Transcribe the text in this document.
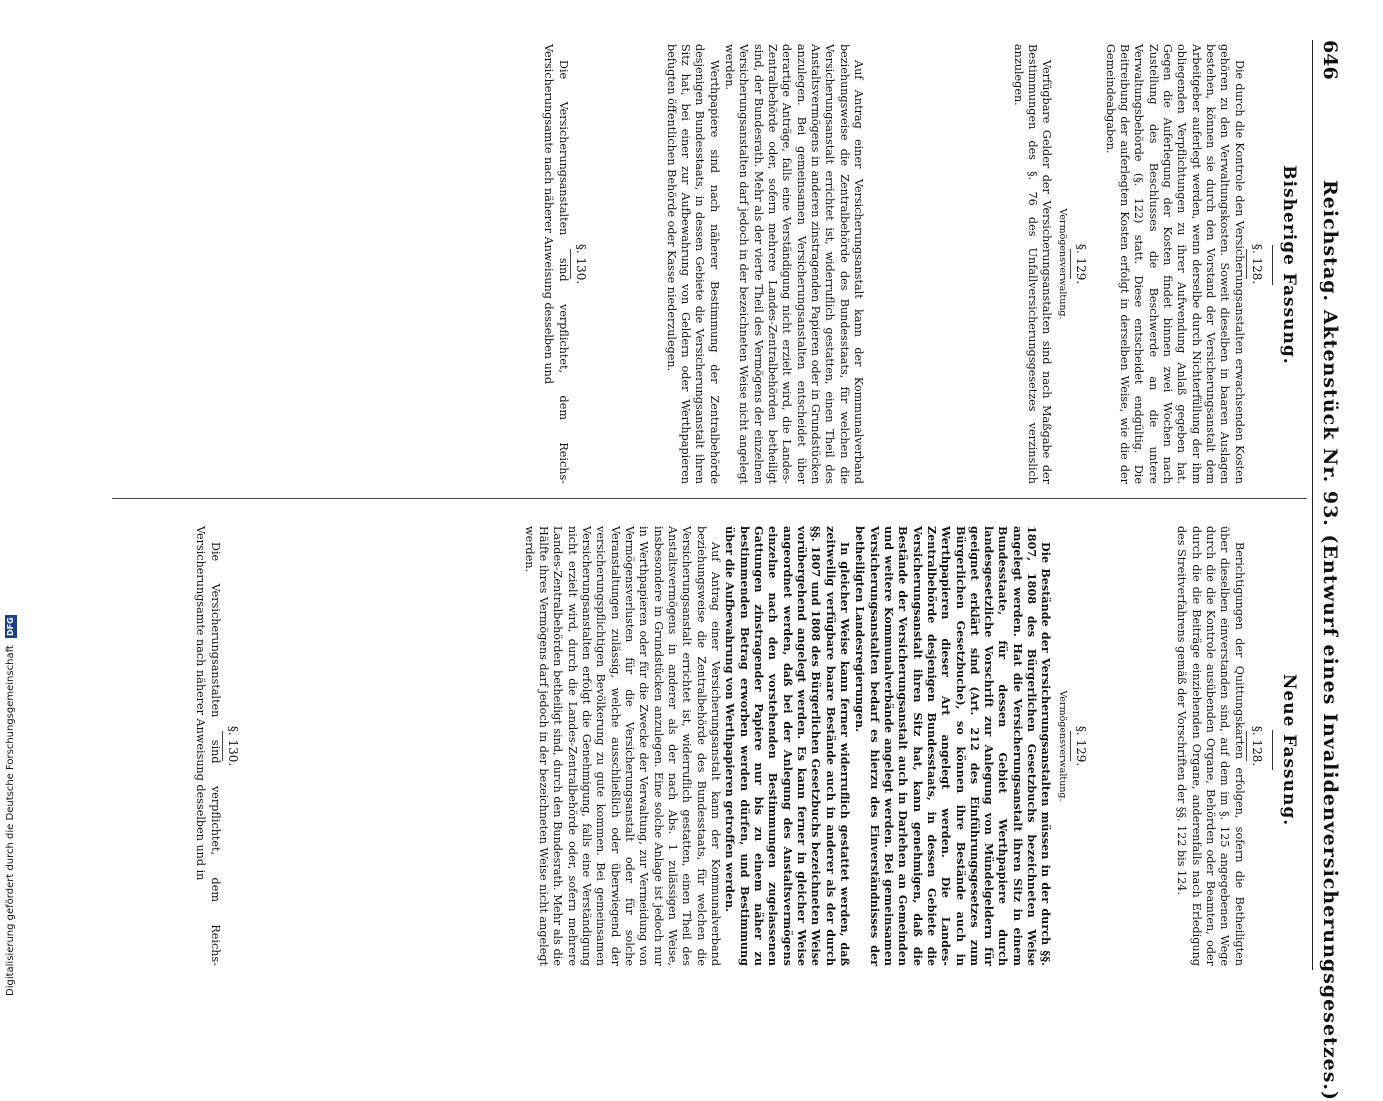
646
Reichstag. Aktenstück Nr. 93. (Entwurf eines Invalidenversicherungsgesetzes.)
Bisherige Fassung.
Neue Fassung.
§. 128.

Die durch die Kontrole den Versicherungsanstalten erwachsenden Kosten gehören zu den Verwaltungskosten. Soweit dieselben in baaren Auslagen bestehen, können sie durch den Vorstand der Versicherungsanstalt dem Arbeitgeber auferlegt werden, wenn derselbe durch Nichterfüllung der ihm obliegenden Verpflichtungen zu ihrer Aufwendung Anlaß gegeben hat. Gegen die Auferlegung der Kosten findet binnen zwei Wochen nach Zustellung des Beschlusses die Beschwerde an die untere Verwaltungsbehörde (§. 122) statt. Diese entscheidet endgültig. Die Beitreibung der auferlegten Kosten erfolgt in derselben Weise, wie die der Gemeindeabgaben.

§. 129.
Vermögensverwaltung.

Verfügbare Gelder der Versicherungsanstalten sind nach Maßgabe der Bestimmungen des §. 76 des Unfallversicherungsgesetzes verzinslich anzulegen.

Auf Antrag einer Versicherungsanstalt kann der Kommunalverband beziehungsweise die Zentralbehörde des Bundesstaats, für welchen die Versicherungsanstalt errichtet ist, widerruflich gestatten, einen Theil des Anstaltsvermögens in anderen zinstragenden Papieren oder in Grundstücken anzulegen. Bei gemeinsamen Versicherungsanstalten entscheidet über derartige Anträge, falls eine Verständigung nicht erzielt wird, die Landes-Zentralbehörde oder, sofern mehrere Landes-Zentralbehörden betheiligt sind, der Bundesrath. Mehr als der vierte Theil des Vermögens der einzelnen Versicherungsanstalten darf jedoch in der bezeichneten Weise nicht angelegt werden.

Werthpapiere sind nach näherer Bestimmung der Zentralbehörde desjenigen Bundesstaats, in dessen Gebiete die Versicherungsanstalt ihren Sitz hat, bei einer zur Aufbewahrung von Geldern oder Werthpapieren befugten öffentlichen Behörde oder Kasse niederzulegen.

§. 130.

Die Versicherungsanstalten sind verpflichtet, dem Reichs-Versicherungsamte nach näherer Anweisung desselben und

§. 128.

Berichtigungen der Quittungskarten erfolgen, sofern die Betheiligten über dieselben einverstanden sind, auf dem im §. 125 angegebenen Wege durch die die Kontrole ausübenden Organe, Behörden oder Beamten, oder durch die die Beiträge einziehenden Organe, anderenfalls nach Erledigung des Streitverfahrens gemäß der Vorschriften der §§. 122 bis 124.

§. 129.
Vermögensverwaltung.

Die Bestände der Versicherungsanstalten müssen in der durch §§. 1807, 1808 des Bürgerlichen Gesetzbuchs bezeichneten Weise angelegt werden. Hat die Versicherungsanstalt ihren Sitz in einem Bundesstaate, für dessen Gebiet Werthpapiere durch landesgesetzliche Vorschrift zur Anlegung von Mündelgeldern für geeignet erklärt sind (Art. 212 des Einführungsgesetzes zum Bürgerlichen Gesetzbuche), so können ihre Bestände auch in Werthpapieren dieser Art angelegt werden. Die Landes-Zentralbehörde desjenigen Bundesstaats, in dessen Gebiete die Versicherungsanstalt ihren Sitz hat, kann genehmigen, daß die Bestände der Versicherungsanstalt auch in Darlehen an Gemeinden und weitere Kommunalverbände angelegt werden. Bei gemeinsamen Versicherungsanstalten bedarf es hierzu des Einverständnisses der betheiligten Landesregierungen.

In gleicher Weise kann ferner widerruflich gestattet werden, daß zeitweilig verfügbare baare Bestände auch in anderer als der durch §§. 1807 und 1808 des Bürgerlichen Gesetzbuchs bezeichneten Weise vorübergehend angelegt werden. Es kann ferner in gleicher Weise angeordnet werden, daß bei der Anlegung des Anstaltsvermögens einzelne nach den vorstehenden Bestimmungen zugelassenen Gattungen zinstragender Papiere nur bis zu einem näher zu bestimmenden Betrag erworben werden dürfen, und Bestimmung über die Aufbewahrung von Werthpapieren getroffen werden.

Auf Antrag einer Versicherungsanstalt kann der Kommunalverband beziehungsweise die Zentralbehörde des Bundesstaats, für welchen die Versicherungsanstalt errichtet ist, widerruflich gestatten, einen Theil des Anstaltsvermögens in anderer als der nach Abs. 1 zulässigen Weise, insbesondere in Grundstücken anzulegen. Eine solche Anlage ist jedoch nur in Werthpapieren oder für die Zwecke der Verwaltung, zur Vermeidung von Vermögensverlusten für die Versicherungsanstalt oder für solche Veranstaltungen zulässig, welche ausschließlich oder überwiegend der versicherungspflichtigen Bevölkerung zu gute kommen. Bei gemeinsamen Versicherungsanstalten erfolgt die Genehmigung, falls eine Verständigung nicht erzielt wird, durch die Landes-Zentralbehörde oder, sofern mehrere Landes-Zentralbehörden betheiligt sind, durch den Bundesrath. Mehr als die Hälfte ihres Vermögens darf jedoch in der bezeichneten Weise nicht angelegt werden.

§. 130.

Die Versicherungsanstalten sind verpflichtet, dem Reichs-Versicherungsamte nach näherer Anweisung desselben und in

Digitalisierung gefördert durch die Deutsche Forschungsgemeinschaft DFG
